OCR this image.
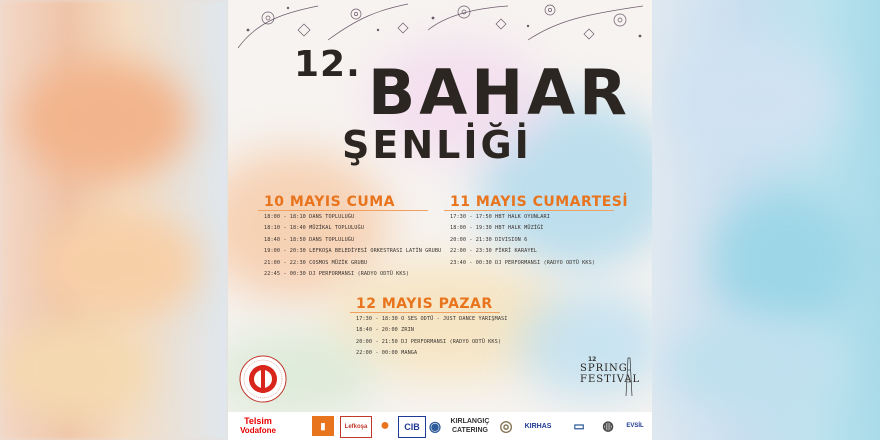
12. BAHAR
ŞENLİĞİ
10 MAYIS CUMA
18:00 - 18:10 DANS TOPLULUĞU
18:10 - 18:40 MÜZİKAL TOPLULUĞU
18:40 - 18:50 DANS TOPLULUĞU
19:00 - 20:30 LEFKOŞA BELEDİYESİ ORKESTRASI LATİN GRUBU
21:00 - 22:30 COSMOS MÜZİK GRUBU
22:45 - 00:30 DJ PERFORMANSI (RADYO ODTÜ KKS)
11 MAYIS CUMARTESİ
17:30 - 17:50 HBT HALK OYUNLARI
18:00 - 19:30 HBT HALK MÜZİĞİ
20:00 - 21:30 DIVISION 6
22:00 - 23:30 FİKRİ KARAYEL
23:40 - 00:30 DJ PERFORMANSI (RADYO ODTÜ KKS)
12 MAYIS PAZAR
17:30 - 18:30 O SES ODTÜ - JUST DANCE YARIŞMASI
18:40 - 20:00 ZRIN
20:00 - 21:50 DJ PERFORMANSI (RADYO ODTÜ KKS)
22:00 - 00:00 MANGA
12
SPRING
FESTIVAL
Telsim
Vodafone	▮	Lefkoşa ●	CIB ◉	KIRLANGIÇ
CATERING ◎	KIRHAS	▭	◍	EVSİL
